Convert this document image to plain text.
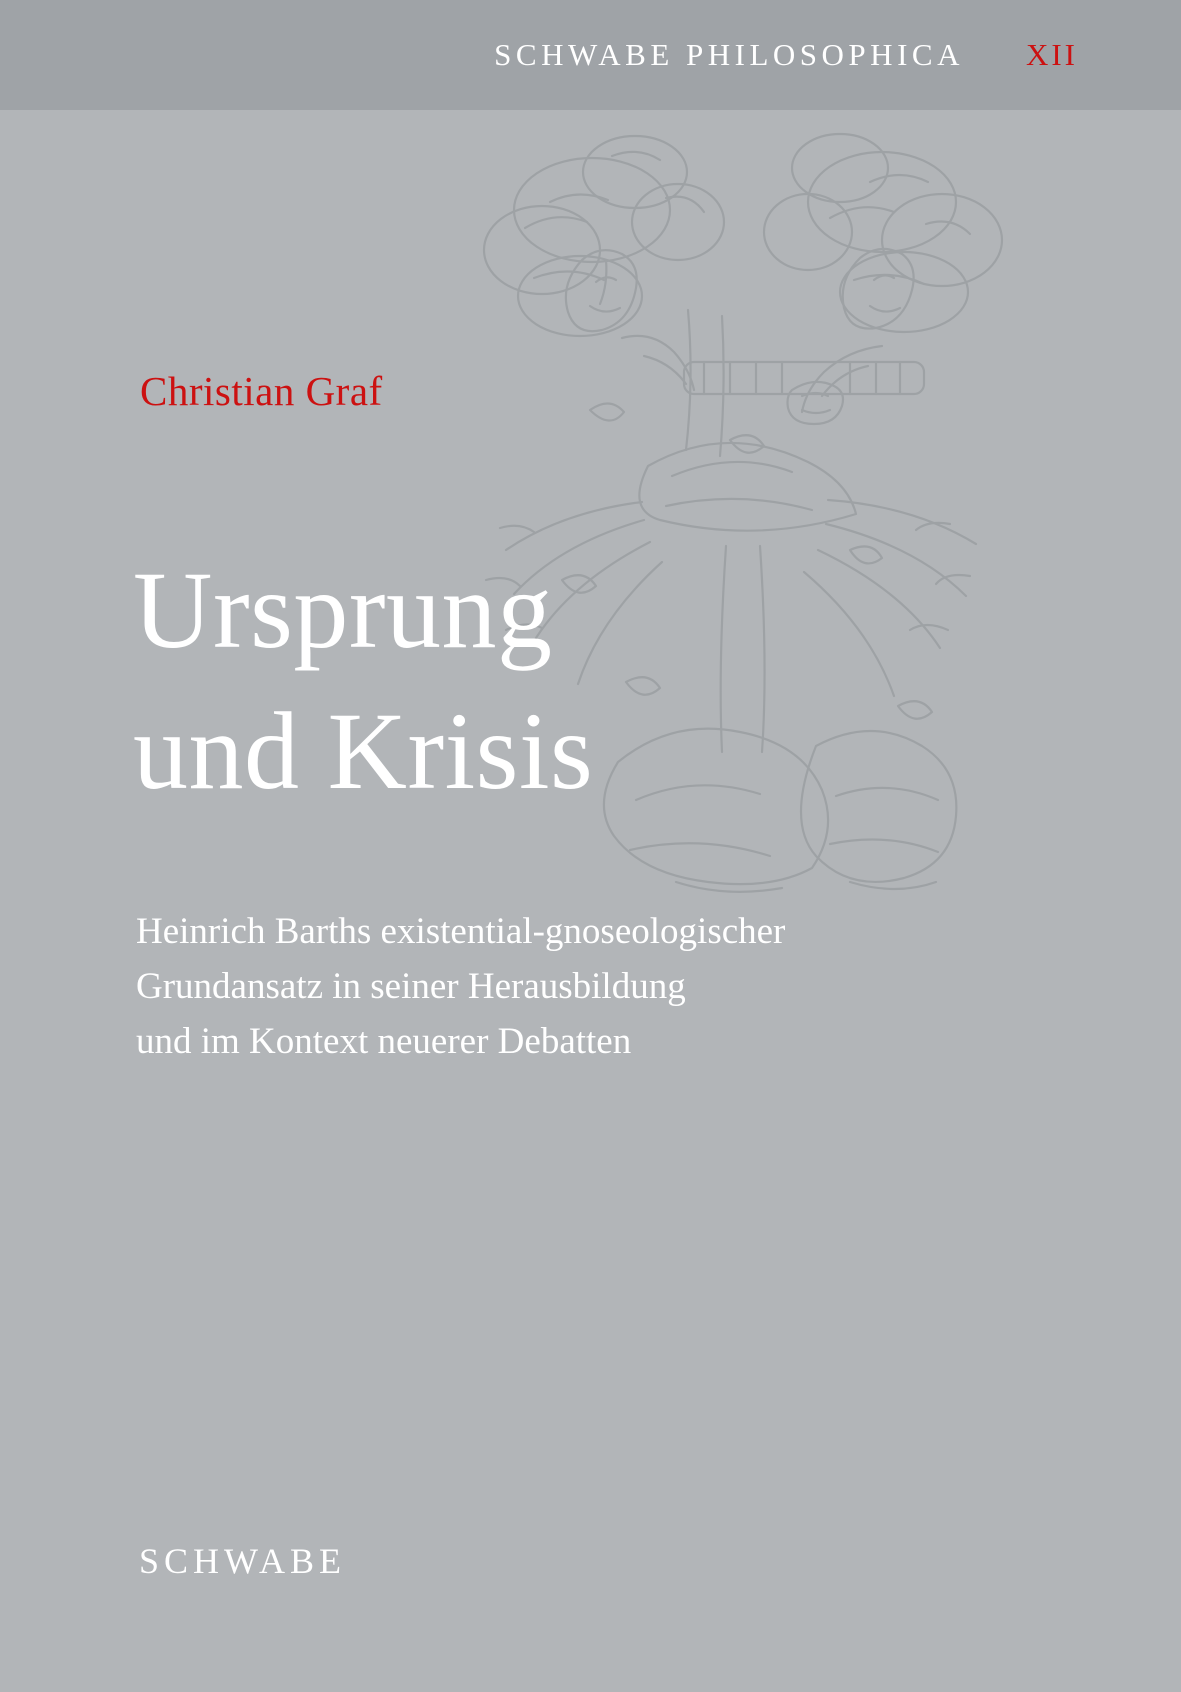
SCHWABE PHILOSOPHICA XII
Christian Graf
Ursprung
und Krisis
Heinrich Barths existential-gnoseologischer
Grundansatz in seiner Herausbildung
und im Kontext neuerer Debatten
SCHWABE
